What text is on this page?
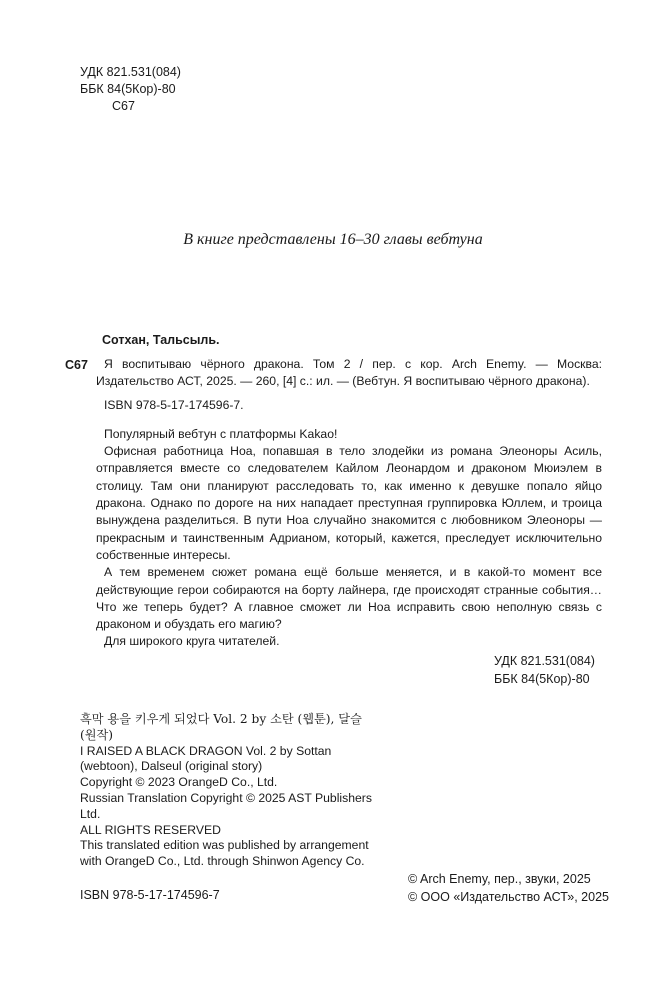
УДК 821.531(084)
ББК 84(5Кор)-80
С67
В книге представлены 16–30 главы вебтуна
Сотхан, Тальсыль.
С67	Я воспитываю чёрного дракона. Том 2 / пер. с кор. Arch Enemy. — Москва: Издательство АСТ, 2025. — 260, [4] с.: ил. — (Вебтун. Я воспитываю чёрного дракона).

ISBN 978-5-17-174596-7.

Популярный вебтун с платформы Kakao!

Офисная работница Ноа, попавшая в тело злодейки из романа Элеоноры Асиль, отправляется вместе со следователем Кайлом Леонардом и драконом Мюиэлем в столицу. Там они планируют расследовать то, как именно к девушке попало яйцо дракона. Однако по дороге на них нападает преступная группировка Юллем, и троица вынуждена разделиться. В пути Ноа случайно знакомится с любовником Элеоноры — прекрасным и таинственным Адрианом, который, кажется, преследует исключительно собственные интересы.

А тем временем сюжет романа ещё больше меняется, и в какой-то момент все действующие герои собираются на борту лайнера, где происходят странные события… Что же теперь будет? А главное сможет ли Ноа исправить свою неполную связь с драконом и обуздать его магию?

Для широкого круга читателей.

УДК 821.531(084)
ББК 84(5Кор)-80
흑막 용을 키우게 되었다 Vol. 2 by 소탄 (웹툰), 달슬 (원작)
I RAISED A BLACK DRAGON Vol. 2 by Sottan (webtoon), Dalseul (original story)
Copyright © 2023 OrangeD Co., Ltd.
Russian Translation Copyright © 2025 AST Publishers Ltd.
ALL RIGHTS RESERVED
This translated edition was published by arrangement with OrangeD Co., Ltd. through Shinwon Agency Co.
ISBN 978-5-17-174596-7
© Arch Enemy, пер., звуки, 2025
© ООО «Издательство АСТ», 2025
